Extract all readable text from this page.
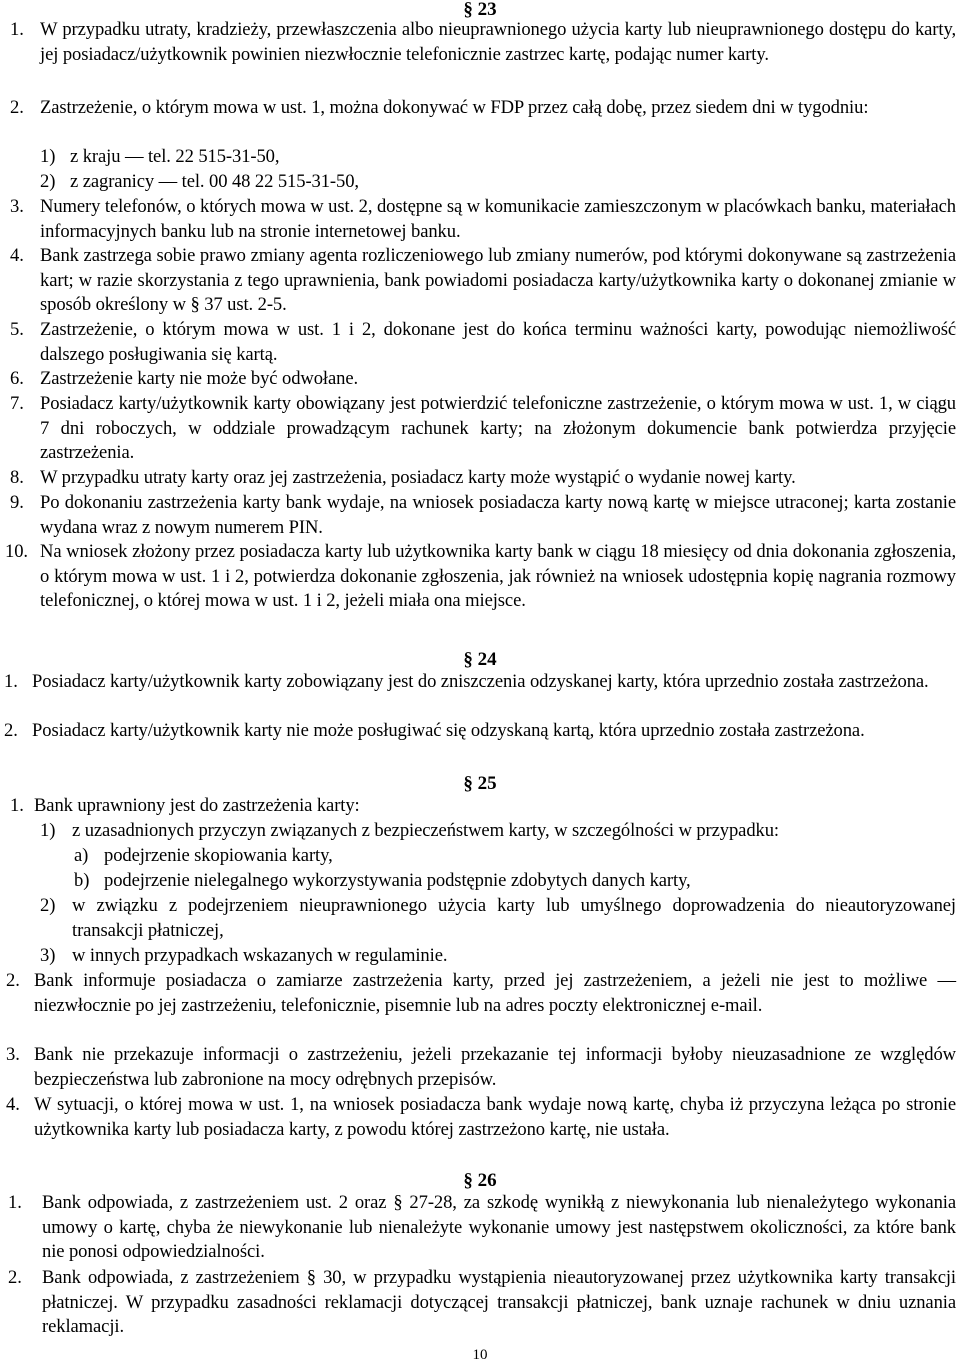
§ 23
1. W przypadku utraty, kradzieży, przewłaszczenia albo nieuprawnionego użycia karty lub nieuprawnionego dostępu do karty, jej posiadacz/użytkownik powinien niezwłocznie telefonicznie zastrzec kartę, podając numer karty.
2. Zastrzeżenie, o którym mowa w ust. 1, można dokonywać w FDP przez całą dobę, przez siedem dni w tygodniu:
1) z kraju — tel. 22 515-31-50,
2) z zagranicy — tel. 00 48 22 515-31-50,
3. Numery telefonów, o których mowa w ust. 2, dostępne są w komunikacie zamieszczonym w placówkach banku, materiałach informacyjnych banku lub na stronie internetowej banku.
4. Bank zastrzega sobie prawo zmiany agenta rozliczeniowego lub zmiany numerów, pod którymi dokonywane są zastrzeżenia kart; w razie skorzystania z tego uprawnienia, bank powiadomi posiadacza karty/użytkownika karty o dokonanej zmianie w sposób określony w § 37 ust. 2-5.
5. Zastrzeżenie, o którym mowa w ust. 1 i 2, dokonane jest do końca terminu ważności karty, powodując niemożliwość dalszego posługiwania się kartą.
6. Zastrzeżenie karty nie może być odwołane.
7. Posiadacz karty/użytkownik karty obowiązany jest potwierdzić telefoniczne zastrzeżenie, o którym mowa w ust. 1, w ciągu 7 dni roboczych, w oddziale prowadzącym rachunek karty; na złożonym dokumencie bank potwierdza przyjęcie zastrzeżenia.
8. W przypadku utraty karty oraz jej zastrzeżenia, posiadacz karty może wystąpić o wydanie nowej karty.
9. Po dokonaniu zastrzeżenia karty bank wydaje, na wniosek posiadacza karty nową kartę w miejsce utraconej; karta zostanie wydana wraz z nowym numerem PIN.
10. Na wniosek złożony przez posiadacza karty lub użytkownika karty bank w ciągu 18 miesięcy od dnia dokonania zgłoszenia, o którym mowa w ust. 1 i 2, potwierdza dokonanie zgłoszenia, jak również na wniosek udostępnia kopię nagrania rozmowy telefonicznej, o której mowa w ust. 1 i 2, jeżeli miała ona miejsce.
§ 24
1. Posiadacz karty/użytkownik karty zobowiązany jest do zniszczenia odzyskanej karty, która uprzednio została zastrzeżona.
2. Posiadacz karty/użytkownik karty nie może posługiwać się odzyskaną kartą, która uprzednio została zastrzeżona.
§ 25
1. Bank uprawniony jest do zastrzeżenia karty:
1) z uzasadnionych przyczyn związanych z bezpieczeństwem karty, w szczególności w przypadku:
a) podejrzenie skopiowania karty,
b) podejrzenie nielegalnego wykorzystywania podstępnie zdobytych danych karty,
2) w związku z podejrzeniem nieuprawnionego użycia karty lub umyślnego doprowadzenia do nieautoryzowanej transakcji płatniczej,
3) w innych przypadkach wskazanych w regulaminie.
2. Bank informuje posiadacza o zamiarze zastrzeżenia karty, przed jej zastrzeżeniem, a jeżeli nie jest to możliwe — niezwłocznie po jej zastrzeżeniu, telefonicznie, pisemnie lub na adres poczty elektronicznej e-mail.
3. Bank nie przekazuje informacji o zastrzeżeniu, jeżeli przekazanie tej informacji byłoby nieuzasadnione ze względów bezpieczeństwa lub zabronione na mocy odrębnych przepisów.
4. W sytuacji, o której mowa w ust. 1, na wniosek posiadacza bank wydaje nową kartę, chyba iż przyczyna leżąca po stronie użytkownika karty lub posiadacza karty, z powodu której zastrzeżono kartę, nie ustała.
§ 26
1. Bank odpowiada, z zastrzeżeniem ust. 2 oraz § 27-28, za szkodę wynikłą z niewykonania lub nienależytego wykonania umowy o kartę, chyba że niewykonanie lub nienależyte wykonanie umowy jest następstwem okoliczności, za które bank nie ponosi odpowiedzialności.
2. Bank odpowiada, z zastrzeżeniem § 30, w przypadku wystąpienia nieautoryzowanej przez użytkownika karty transakcji płatniczej. W przypadku zasadności reklamacji dotyczącej transakcji płatniczej, bank uznaje rachunek w dniu uznania reklamacji.
10
